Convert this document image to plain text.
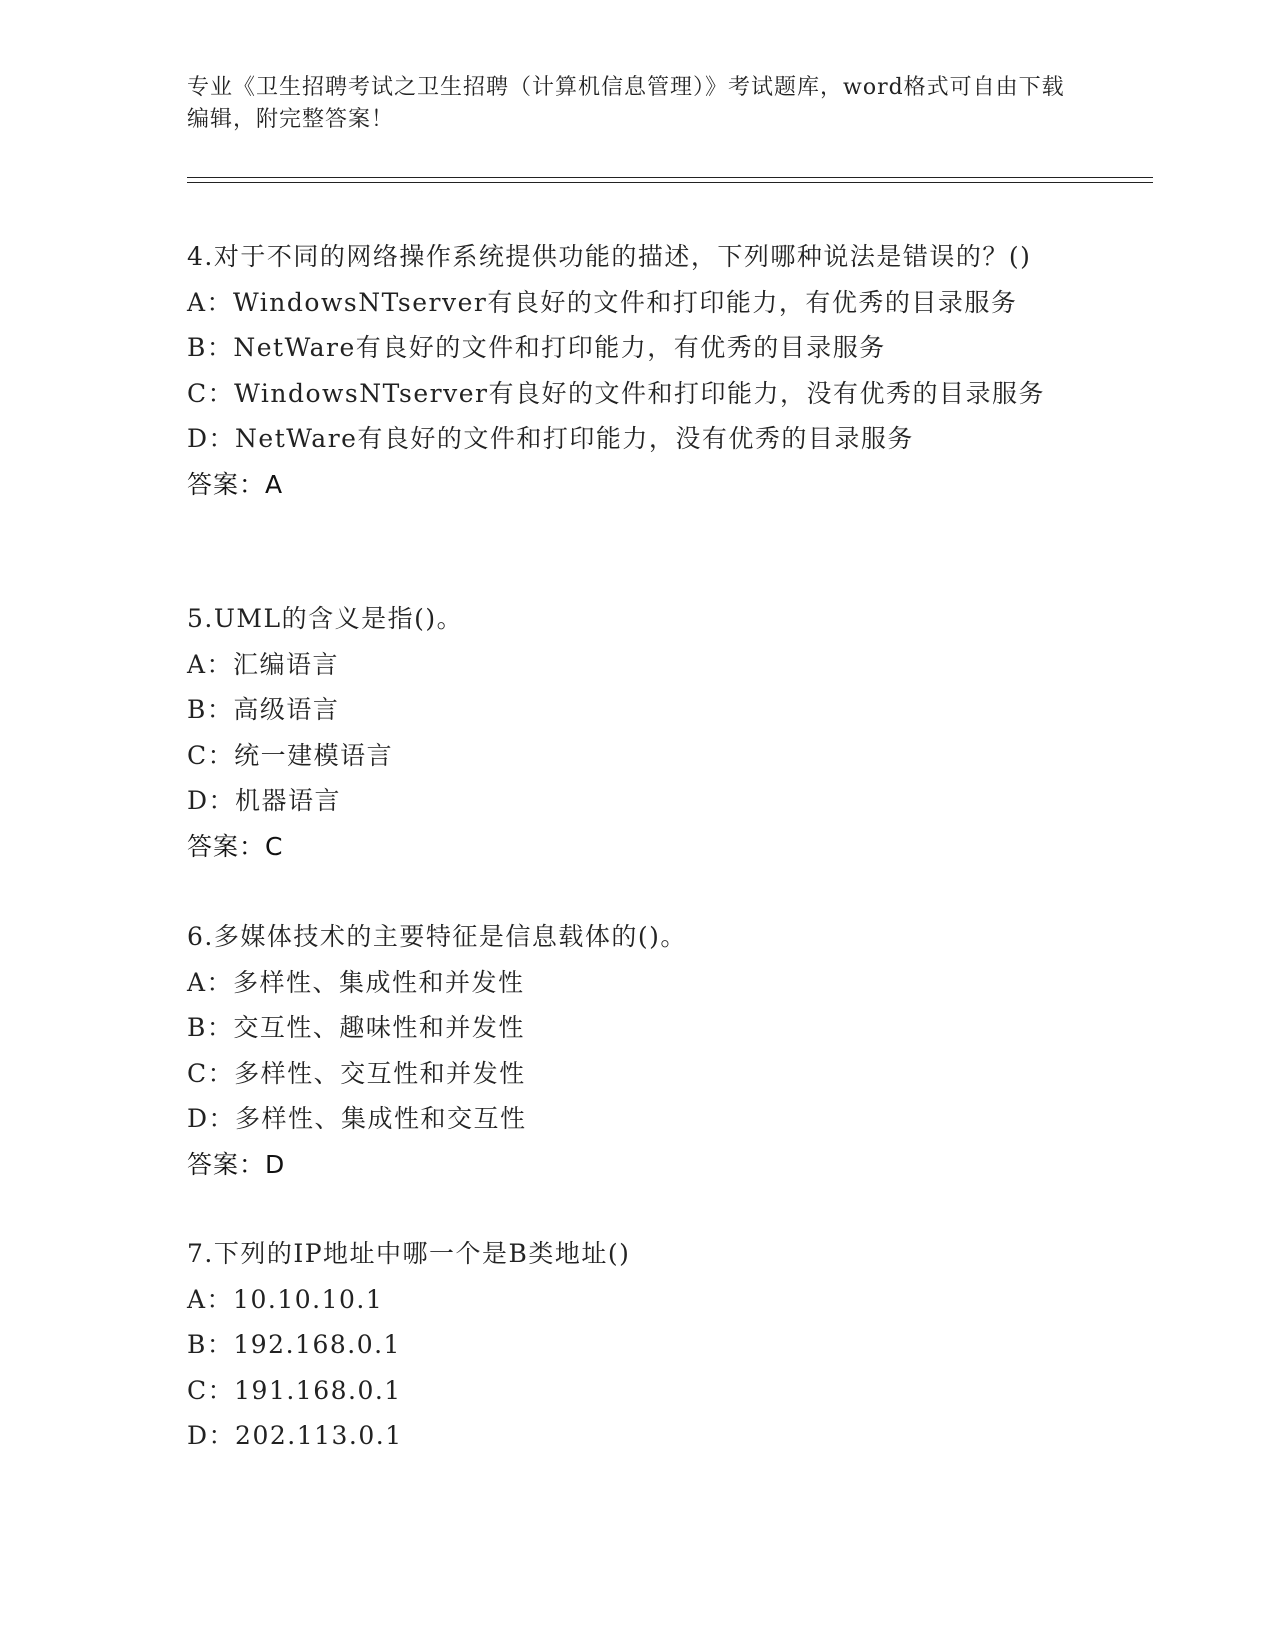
专业《卫生招聘考试之卫生招聘（计算机信息管理）》考试题库，word格式可自由下载编辑，附完整答案！
4.对于不同的网络操作系统提供功能的描述，下列哪种说法是错误的？()
A：WindowsNTserver有良好的文件和打印能力，有优秀的目录服务
B：NetWare有良好的文件和打印能力，有优秀的目录服务
C：WindowsNTserver有良好的文件和打印能力，没有优秀的目录服务
D：NetWare有良好的文件和打印能力，没有优秀的目录服务
答案：A
5.UML的含义是指()。
A：汇编语言
B：高级语言
C：统一建模语言
D：机器语言
答案：C
6.多媒体技术的主要特征是信息载体的()。
A：多样性、集成性和并发性
B：交互性、趣味性和并发性
C：多样性、交互性和并发性
D：多样性、集成性和交互性
答案：D
7.下列的IP地址中哪一个是B类地址()
A：10.10.10.1
B：192.168.0.1
C：191.168.0.1
D：202.113.0.1
